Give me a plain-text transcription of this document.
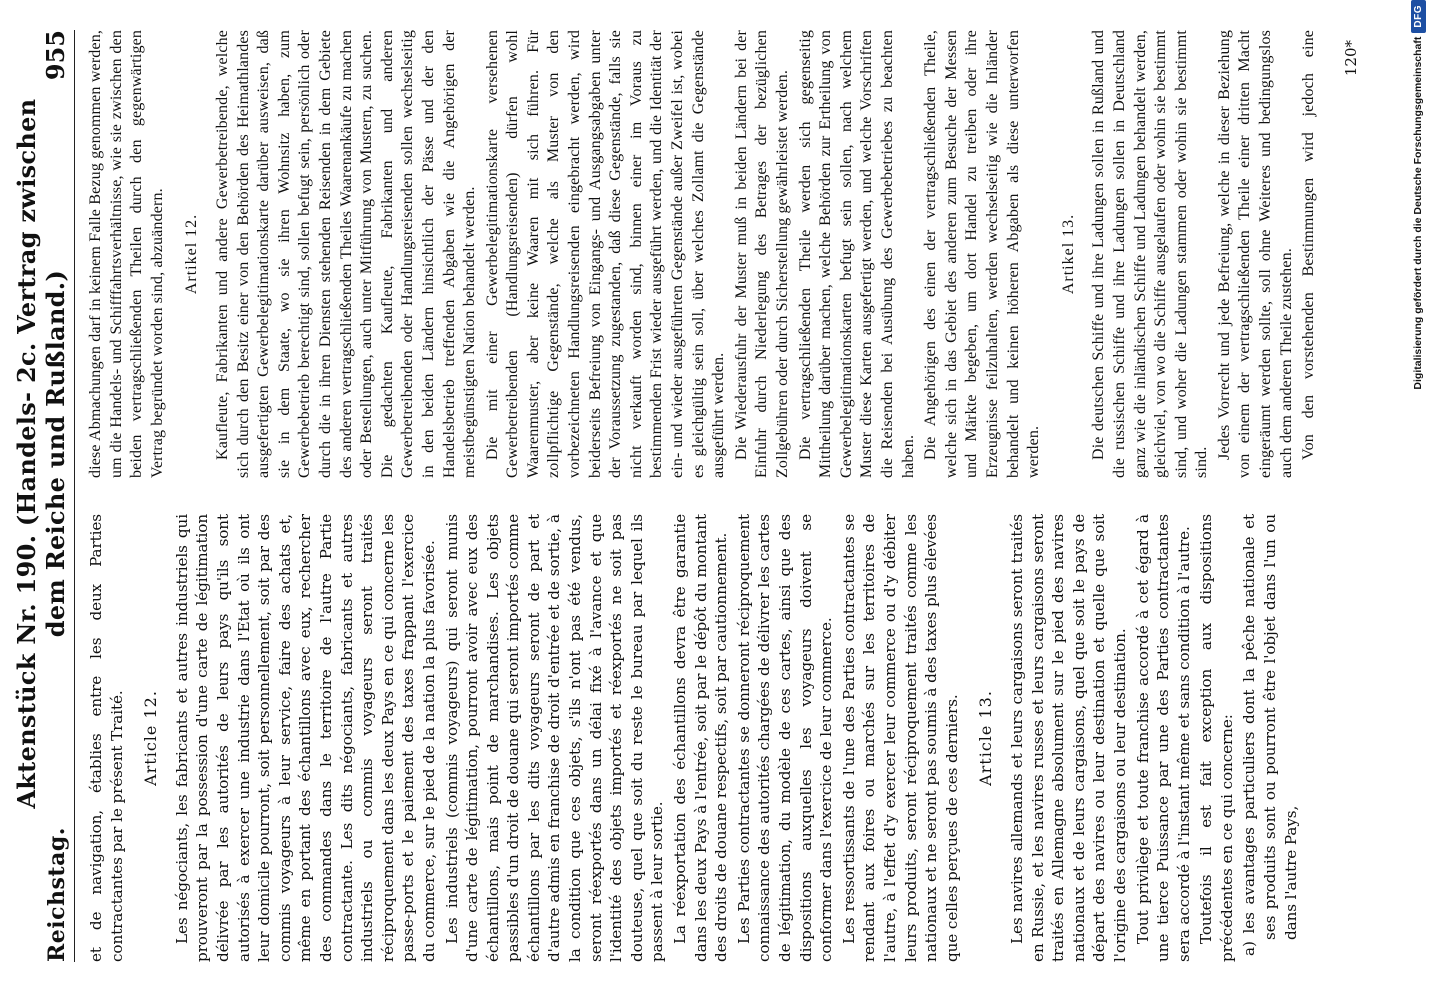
Reichstag.
Aktenstück Nr. 190. (Handels- 2c. Vertrag zwischen dem Reiche und Rußland.)
955

et de navigation, établies entre les deux Parties contractantes par le présent Traité. Article 12. Les négociants, les fabricants et autres industriels qui prouveront par la possession d'une carte de légitimation délivrée par les autorités de leurs pays qu'ils sont autorisés à exercer une industrie dans l'Etat où ils ont leur domicile pourront, soit personnellement, soit par des commis voyageurs à leur service, faire des achats et, même en portant des échantillons avec eux, rechercher des commandes dans le territoire de l'autre Partie contractante. Les dits négociants, fabricants et autres industriels ou commis voyageurs seront traités réciproquement dans les deux Pays en ce qui concerne les passe-ports et le paiement des taxes frappant l'exercice du commerce, sur le pied de la nation la plus favorisée. Les industriels (commis voyageurs) qui seront munis d'une carte de légitimation, pourront avoir avec eux des échantillons, mais point de marchandises. Les objets passibles d'un droit de douane qui seront importés comme échantillons par les dits voyageurs seront de part et d'autre admis en franchise de droit d'entrée et de sortie, à la condition que ces objets, s'ils n'ont pas été vendus, seront réexportés dans un délai fixé à l'avance et que l'identité des objets importés et réexportés ne soit pas douteuse, quel que soit du reste le bureau par lequel ils passent à leur sortie. La réexportation des échantillons devra être garantie dans les deux Pays à l'entrée, soit par le dépôt du montant des droits de douane respectifs, soit par cautionnement. Les Parties contractantes se donneront réciproquement connaissance des autorités chargées de délivrer les cartes de légitimation, du modèle de ces cartes, ainsi que des dispositions auxquelles les voyageurs doivent se conformer dans l'exercice de leur commerce. Les ressortissants de l'une des Parties contractantes se rendant aux foires ou marchés sur les territoires de l'autre, à l'effet d'y exercer leur commerce ou d'y débiter leurs produits, seront réciproquement traités comme les nationaux et ne seront pas soumis à des taxes plus élevées que celles perçues de ces derniers. Article 13. Les navires allemands et leurs cargaisons seront traités en Russie, et les navires russes et leurs cargaisons seront traités en Allemagne absolument sur le pied des navires nationaux et de leurs cargaisons, quel que soit le pays de départ des navires ou leur destination et quelle que soit l'origine des cargaisons ou leur destination. Tout privilège et toute franchise accordé à cet égard à une tierce Puissance par une des Parties contractantes sera accordé à l'instant même et sans condition à l'autre. Toutefois il est fait exception aux dispositions précédentes en ce qui concerne: a) les avantages particuliers dont la pêche nationale et ses produits sont ou pourront être l'objet dans l'un ou dans l'autre Pays,

diese Abmachungen darf in keinem Falle Bezug genommen werden, um die Handels- und Schifffahrtsverhältnisse, wie sie zwischen den beiden vertragschließenden Theilen durch den gegenwärtigen Vertrag begründet worden sind, abzuändern. Artikel 12. Kaufleute, Fabrikanten und andere Gewerbetreibende, welche sich durch den Besitz einer von den Behörden des Heimathlandes ausgefertigten Gewerbelegitimationskarte darüber ausweisen, daß sie in dem Staate, wo sie ihren Wohnsitz haben, zum Gewerbebetrieb berechtigt sind, sollen befugt sein, persönlich oder durch die in ihren Diensten stehenden Reisenden in dem Gebiete des anderen vertragschließenden Theiles Waarenankäufe zu machen oder Bestellungen, auch unter Mitführung von Mustern, zu suchen. Die gedachten Kaufleute, Fabrikanten und anderen Gewerbetreibenden oder Handlungsreisenden sollen wechselseitig in den beiden Ländern hinsichtlich der Pässe und der den Handelsbetrieb treffenden Abgaben wie die Angehörigen der meistbegünstigten Nation behandelt werden. Die mit einer Gewerbelegitimationskarte versehenen Gewerbetreibenden (Handlungsreisenden) dürfen wohl Waarenmuster, aber keine Waaren mit sich führen. Für zollpflichtige Gegenstände, welche als Muster von den vorbezeichneten Handlungsreisenden eingebracht werden, wird beiderseits Befreiung von Eingangs- und Ausgangsabgaben unter der Voraussetzung zugestanden, daß diese Gegenstände, falls sie nicht verkauft worden sind, binnen einer im Voraus zu bestimmenden Frist wieder ausgeführt werden, und die Identität der ein- und wieder ausgeführten Gegenstände außer Zweifel ist, wobei es gleichgültig sein soll, über welches Zollamt die Gegenstände ausgeführt werden. Die Wiederausfuhr der Muster muß in beiden Ländern bei der Einfuhr durch Niederlegung des Betrages der bezüglichen Zollgebühren oder durch Sicherstellung gewährleistet werden. Die vertragschließenden Theile werden sich gegenseitig Mittheilung darüber machen, welche Behörden zur Ertheilung von Gewerbelegitimationskarten befugt sein sollen, nach welchem Muster diese Karten ausgefertigt werden, und welche Vorschriften die Reisenden bei Ausübung des Gewerbebetriebes zu beachten haben. Die Angehörigen des einen der vertragschließenden Theile, welche sich in das Gebiet des anderen zum Besuche der Messen und Märkte begeben, um dort Handel zu treiben oder ihre Erzeugnisse feilzuhalten, werden wechselseitig wie die Inländer behandelt und keinen höheren Abgaben als diese unterworfen werden.

Artikel 13. Die deutschen Schiffe und ihre Ladungen sollen in Rußland und die russischen Schiffe und ihre Ladungen sollen in Deutschland ganz wie die inländischen Schiffe und Ladungen behandelt werden, gleichviel, von wo die Schiffe ausgelaufen oder wohin sie bestimmt sind, und woher die Ladungen stammen oder wohin sie bestimmt sind.

Jedes Vorrecht und jede Befreiung, welche in dieser Beziehung von einem der vertragschließenden Theile einer dritten Macht eingeräumt werden sollte, soll ohne Weiteres und bedingungslos auch dem anderen Theile zustehen. Von den vorstehenden Bestimmungen wird jedoch eine	120*	Digitalisierung gefördert durch die Deutsche Forschungsgemeinschaft
DFG
